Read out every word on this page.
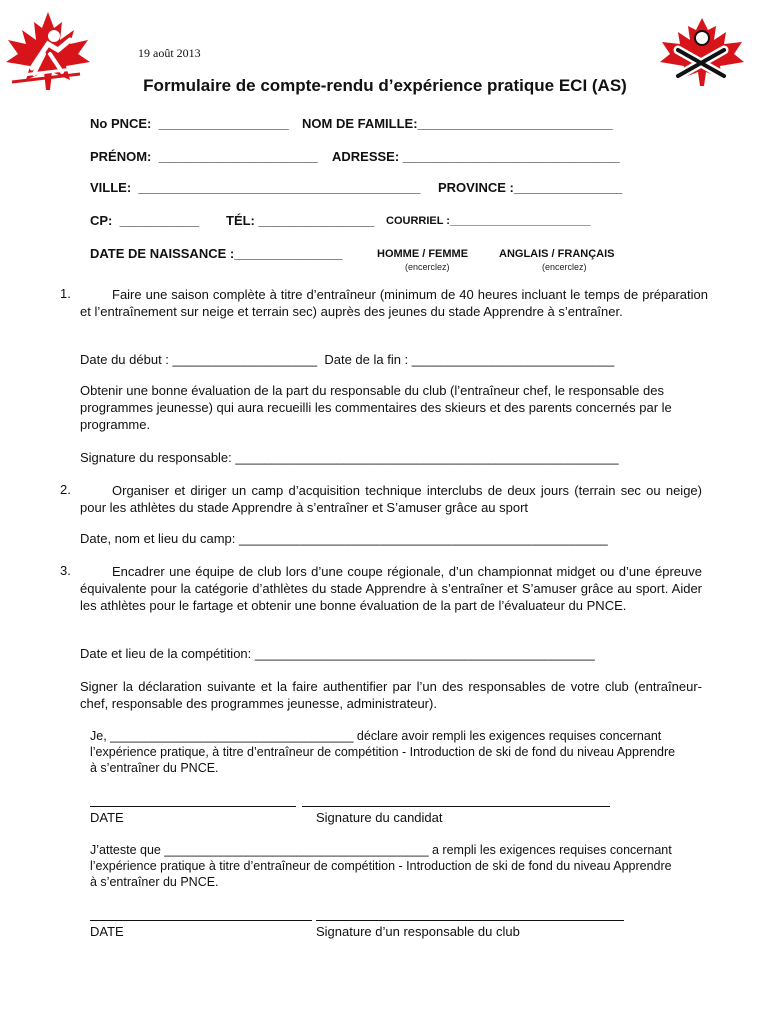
19 août 2013
Formulaire de compte-rendu d’expérience pratique ECI (AS)
No PNCE:  __________________ NOM DE FAMILLE:___________________________
PRÉNOM:  ______________________ ADRESSE: ______________________________
VILLE:  _______________________________________ PROVINCE :_______________
CP:  ___________ TÉL: ________________ COURRIEL :_______________________
DATE DE NAISSANCE :_______________	HOMME / FEMME
(encerclez)
ANGLAIS / FRANÇAIS
(encerclez)
1.	Faire une saison complète à titre d’entraîneur (minimum de 40 heures incluant le temps de préparation et l’entraînement sur neige et terrain sec) auprès des jeunes du stade Apprendre à s’entraîner.
Date du début : ____________________  Date de la fin : ____________________________
Obtenir une bonne évaluation de la part du responsable du club (l’entraîneur chef, le responsable des programmes jeunesse) qui aura recueilli les commentaires des skieurs et des parents concernés par le programme.
Signature du responsable: _____________________________________________________
2.	Organiser et diriger un camp d’acquisition technique interclubs de deux jours (terrain sec ou neige) pour les athlètes du stade Apprendre à s’entraîner et S’amuser grâce au sport
Date, nom et lieu du camp: ___________________________________________________
3.	Encadrer une équipe de club lors d’une coupe régionale, d’un championnat midget ou d’une épreuve équivalente pour la catégorie d’athlètes du stade Apprendre à s’entraîner et S’amuser grâce au sport. Aider les athlètes pour le fartage et obtenir une bonne évaluation de la part de l’évaluateur du PNCE.
Date et lieu de la compétition: _______________________________________________
Signer la déclaration suivante et la faire authentifier par l’un des responsables de votre club (entraîneur-chef, responsable des programmes jeunesse, administrateur).
Je, ___________________________________ déclare avoir rempli les exigences requises concernant l’expérience pratique, à titre d’entraîneur de compétition - Introduction de ski de fond du niveau Apprendre à s’entraîner du PNCE.
DATE	Signature du candidat
J’atteste que ______________________________________ a rempli les exigences requises concernant l’expérience pratique à titre d’entraîneur de compétition - Introduction de ski de fond du niveau Apprendre à s’entraîner du PNCE.
DATE	Signature d’un responsable du club
